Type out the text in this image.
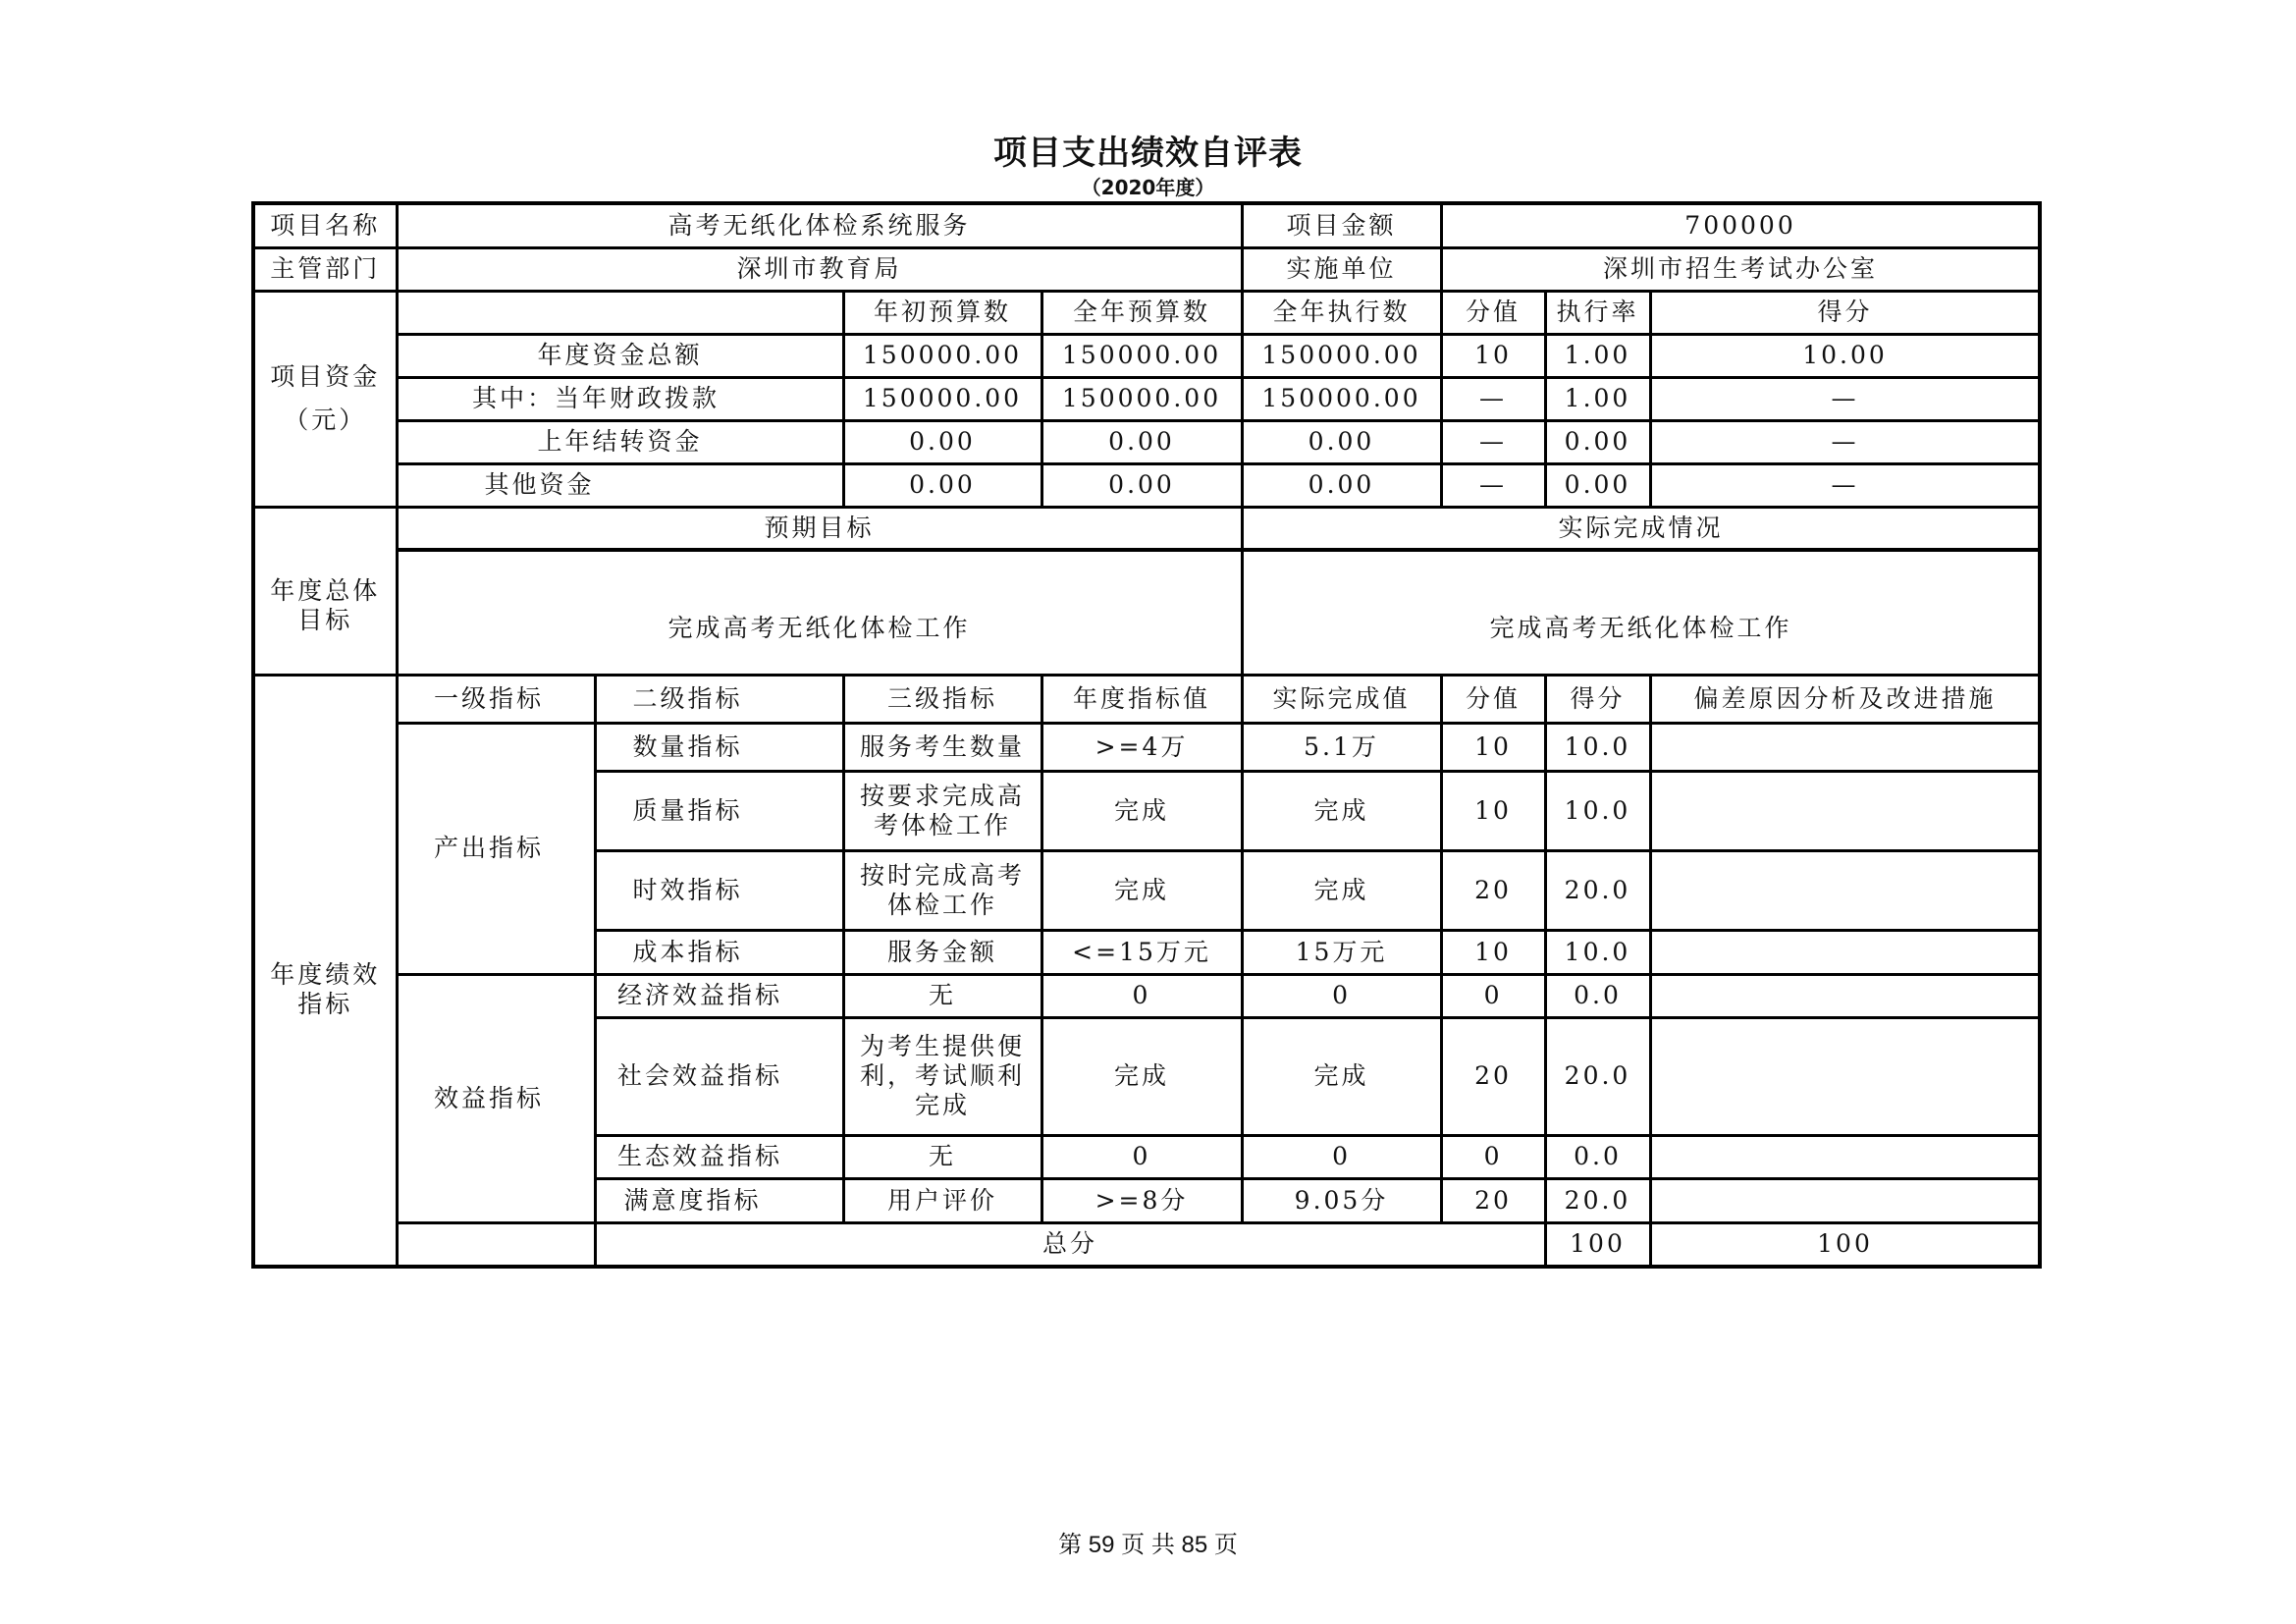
项目支出绩效自评表
（2020年度）
项目名称	高考无纸化体检系统服务				项目金额	700000			
主管部门	深圳市教育局				实施单位	深圳市招生考试办公室			

项目资金
（元）			年初预算数	全年预算数	全年执行数	分值	执行率	得分	
	年度资金总额		150000.00	150000.00	150000.00	10	1.00	10.00	
	其中：当年财政拨款		150000.00	150000.00	150000.00	—	1.00	—	
	上年结转资金		0.00	0.00	0.00	—	0.00	—	
	其他资金		0.00	0.00	0.00	—	0.00	—	

年度总体
目标	预期目标				实际完成情况				
	完成高考无纸化体检工作				完成高考无纸化体检工作				

年度绩效
指标	一级指标	二级指标	三级指标	年度指标值	实际完成值	分值	得分	偏差原因分析及改进措施	
	产出指标	数量指标	服务考生数量	>=4万	5.1万	10	10.0		
		质量指标	按要求完成高
考体检工作	完成	完成	10	10.0		
		时效指标	按时完成高考
体检工作	完成	完成	20	20.0		
		成本指标	服务金额	<=15万元	15万元	10	10.0		
	效益指标	经济效益指标	无	0	0	0	0.0		
		社会效益指标	为考生提供便
利，考试顺利
完成	完成	完成	20	20.0		
		生态效益指标	无	0	0	0	0.0		
		满意度指标	用户评价	>=8分	9.05分	20	20.0		
		总分					100	100	
第 59 页 共 85 页
